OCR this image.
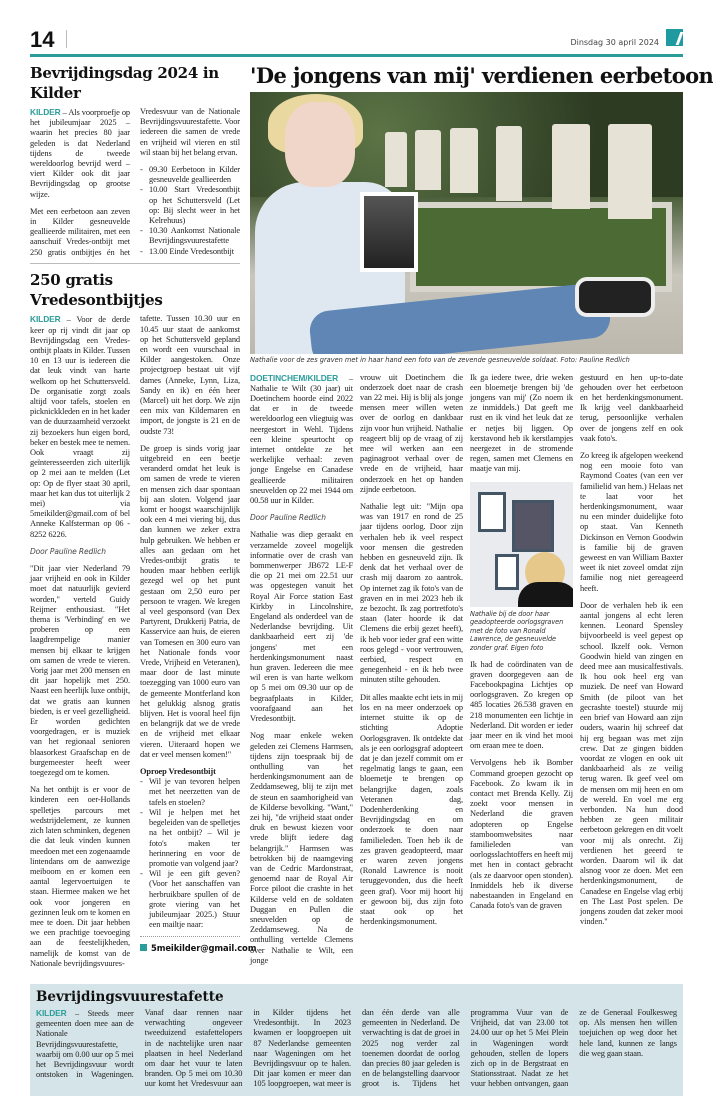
14	Dinsdag 30 april 2024
Bevrijdingsdag 2024 in Kilder

KILDER – Als voorproefje op het jubileumjaar 2025 – waarin het precies 80 jaar geleden is dat Nederland tijdens de tweede wereldoorlog bevrijd werd – viert Kilder ook dit jaar Bevrijdingsdag op grootse wijze.

Met een eerbetoon aan zeven in Kilder gesneuvelde geallieerde militairen, met een aanschuif Vredes-ontbijt met 250 gratis ontbijtjes én het Vredesvuur van de Nationale Bevrijdingsvuurestafette. Voor iedereen die samen de vrede en vrijheid wil vieren en stil wil staan bij het belang ervan.

- 09.30 Eerbetoon in Kilder gesneuvelde geallieerden
- 10.00 Start Vredesontbijt op het Schuttersveld (Let op: Bij slecht weer in het Kelrehuus)
- 10.30 Aankomst Nationale Bevrijdingsvuurestafette
- 13.00 Einde Vredesontbijt
250 gratis Vredesontbijtjes

KILDER – Voor de derde keer op rij vindt dit jaar op Bevrijdingsdag een Vredes-ontbijt plaats in Kilder. Tussen 10 en 13 uur is iedereen die dat leuk vindt van harte welkom op het Schuttersveld. De organisatie zorgt zoals altijd voor tafels, stoelen en picknickkleden en in het kader van de duurzaamheid verzoekt zij bezoekers hun eigen bord, beker en bestek mee te nemen. Ook vraagt zij geïnteresseerden zich uiterlijk op 2 mei aan te melden (Let op: Op de flyer staat 30 april, maar het kan dus tot uiterlijk 2 mei) via 5meikilder@gmail.com of bel Anneke Kalfsterman op 06 - 8252 6226.

Door Pauline Redlich

"Dit jaar vier Nederland 79 jaar vrijheid en ook in Kilder moet dat natuurlijk gevierd worden," verteld Guidy Reijmer enthousiast. "Het thema is 'Verbinding' en we proberen op een laagdrempelige manier mensen bij elkaar te krijgen om samen de vrede te vieren. Vorig jaar met 200 mensen en dit jaar hopelijk met 250. Naast een heerlijk luxe ontbijt, dat we gratis aan kunnen bieden, is er veel gezelligheid. Er worden gedichten voorgedragen, er is muziek van het regionaal senioren blaasorkest Graafschap en de burgemeester heeft weer toegezegd om te komen.

Na het ontbijt is er voor de kinderen een oer-Hollands spelletjes parcours met wedstrijdelement, ze kunnen zich laten schminken, degenen die dat leuk vinden kunnen meedoen met een zogenaamde lintendans om de aanwezige meiboom en er komen een aantal legervoertuigen te staan. Hiermee maken we het ook voor jongeren en gezinnen leuk om te komen en mee te doen. Dit jaar hebben we een prachtige toevoeging aan de feestelijkheden, namelijk de komst van de Nationale bevrijdingsvuures-

tafette. Tussen 10.30 uur en 10.45 uur staat de aankomst op het Schuttersveld gepland en wordt een vuurschaal in Kilder aangestoken. Onze projectgroep bestaat uit vijf dames (Anneke, Lynn, Liza, Sandy en ik) en één heer (Marcel) uit het dorp. We zijn een mix van Kildernaren en import, de jongste is 21 en de oudste 73!

De groep is sinds vorig jaar uitgebreid en een beetje veranderd omdat het leuk is om samen de vrede te vieren en mensen zich daar spontaan bij aan sloten. Volgend jaar komt er hoogst waarschijnlijk ook een 4 mei viering bij, dus dan kunnen we zeker extra hulp gebruiken. We hebben er alles aan gedaan om het Vredes-ontbijt gratis te houden maar hebben eerlijk gezegd wel op het punt gestaan om 2,50 euro per persoon te vragen. We kregen al veel gesponsord (van Dex Partyrent, Drukkerij Patria, de Kasservice aan huis, de eieren van Tomesen en 300 euro van het Nationale fonds voor Vrede, Vrijheid en Veteranen), maar door de last minute toezegging van 1000 euro van de gemeente Montferland kon het gelukkig alsnog gratis blijven. Het is vooral heel fijn en belangrijk dat we de vrede en de vrijheid met elkaar vieren. Uiteraard hopen we dat er veel mensen komen!"

Oproep Vredesontbijt
- Wil je van tevoren helpen met het neerzetten van de tafels en stoelen?
- Wil je helpen met het begeleiden van de spelletjes na het ontbijt? – Wil je foto's maken ter herinnering en voor de promotie van volgend jaar?
- Wil je een gift geven? (Voor het aanschaffen van herbruikbare spullen of de grote viering van het jubileumjaar 2025.) Stuur een mailtje naar:
5meikilder@gmail.com
'De jongens van mij' verdienen eerbetoon
Nathalie voor de zes graven met in haar hand een foto van de zevende gesneuvelde soldaat. Foto: Pauline Redlich

DOETINCHEM/KILDER – Nathalie te Wilt (30 jaar) uit Doetinchem hoorde eind 2022 dat er in de tweede wereldoorlog een vliegtuig was neergestort in Wehl. Tijdens een kleine speurtocht op internet ontdekte ze het werkelijke verhaal: zeven jonge Engelse en Canadese geallieerde militairen sneuvelden op 22 mei 1944 om 00.58 uur in Kilder.

Door Pauline Redlich

Nathalie was diep geraakt en verzamelde zoveel mogelijk informatie over de crash van bommenwerper JB672 LE-F die op 21 mei om 22.51 uur was opgestegen vanuit het Royal Air Force station East Kirkby in Lincolnshire, Engeland als onderdeel van de Nederlandse bevrijding. Uit dankbaarheid eert zij 'de jongens' met een herdenkingsmonument naast hun graven. Iedereen die mee wil eren is van harte welkom op 5 mei om 09.30 uur op de begraafplaats in Kilder, voorafgaand aan het Vredesontbijt.

Nog maar enkele weken geleden zei Clemens Harmsen, tijdens zijn toespraak bij de onthulling van het herdenkingsmonument aan de Zeddamseweg, blij te zijn met de steun en saamhorigheid van de Kilderse bevolking. "Want," zei hij, "de vrijheid staat onder druk en bewust kiezen voor vrede blijft iedere dag belangrijk." Harmsen was betrokken bij de naamgeving van de Cedric Mardonstraat, genoemd naar de Royal Air Force piloot die crashte in het Kilderse veld en de soldaten Duggan en Pullen die sneuvelden op de Zeddamseweg. Na de onthulling vertelde Clemens over Nathalie te Wilt, een jonge

vrouw uit Doetinchem die onderzoek doet naar de crash van 22 mei. Hij is blij als jonge mensen meer willen weten over de oorlog en dankbaar zijn voor hun vrijheid. Nathalie reageert blij op de vraag of zij mee wil werken aan een paginagroot verhaal over de vrede en de vrijheid, haar onderzoek en het op handen zijnde eerbetoon.

Nathalie legt uit: "Mijn opa was van 1917 en rond de 25 jaar tijdens oorlog. Door zijn verhalen heb ik veel respect voor mensen die gestreden hebben en gesneuveld zijn. Ik denk dat het verhaal over de crash mij daarom zo aantrok. Op internet zag ik foto's van de graven en in mei 2023 heb ik ze bezocht. Ik zag portretfoto's staan (later hoorde ik dat Clemens die erbij gezet heeft), ik heb voor ieder graf een witte roos gelegd - voor vertrouwen, eerbied, respect en genegenheid - en ik heb twee minuten stilte gehouden.

Dit alles maakte echt iets in mij los en na meer onderzoek op internet stuitte ik op de stichting Adoptie Oorlogsgraven. Ik ontdekte dat als je een oorlogsgraf adopteert dat je dan jezelf commit om er regelmatig langs te gaan, een bloemetje te brengen op belangrijke dagen, zoals Veteranen dag, Dodenherdenking en Bevrijdingsdag en om onderzoek te doen naar familieleden. Toen heb ik de zes graven geadopteerd, maar er waren zeven jongens (Ronald Lawrence is nooit teruggevonden, dus die heeft geen graf). Voor mij hoort hij er gewoon bij, dus zijn foto staat ook op het herdenkingsmonument.

Ik ga iedere twee, drie weken een bloemetje brengen bij 'de jongens van mij' (Zo noem ik ze inmiddels.) Dat geeft me rust en ik vind het leuk dat ze er netjes bij liggen. Op kerstavond heb ik kerstlampjes neergezet in de stromende regen, samen met Clemens en maatje van mij.

Nathalie bij de door haar geadopteerde oorlogsgraven met de foto van Ronald Lawrence, de gesneuvelde zonder graf. Eigen foto

Ik had de coördinaten van de graven doorgegeven aan de Facebookpagina Lichtjes op oorlogsgraven. Zo kregen op 485 locaties 26.538 graven en 218 monumenten een lichtje in Nederland. Dit worden er ieder jaar meer en ik vind het mooi om eraan mee te doen.

Vervolgens heb ik Bomber Command groepen gezocht op Facebook. Zo kwam ik in contact met Brenda Kelly. Zij zoekt voor mensen in Nederland die graven adopteren op Engelse stamboomwebsites naar familieleden van oorlogsslachtoffers en heeft mij met hen in contact gebracht (als ze daarvoor open stonden). Inmiddels heb ik diverse nabestaanden in Engeland en Canada foto's van de graven

gestuurd en hen up-to-date gehouden over het eerbetoon en het herdenkingsmonument. Ik krijg veel dankbaarheid terug, persoonlijke verhalen over de jongens zelf en ook vaak foto's.

Zo kreeg ik afgelopen weekend nog een mooie foto van Raymond Coates (van een ver familielid van hem.) Helaas net te laat voor het herdenkingsmonument, waar nu een minder duidelijke foto op staat. Van Kenneth Dickinson en Vernon Goodwin is familie bij de graven geweest en van William Baxter weet ik niet zoveel omdat zijn familie nog niet gereageerd heeft.

Door de verhalen heb ik een aantal jongens al echt leren kennen. Leonard Spensley bijvoorbeeld is veel gepest op school. Ikzelf ook. Vernon Goodwin hield van zingen en deed mee aan musicalfestivals. Ik hou ook heel erg van muziek. De neef van Howard Smith (de piloot van het gecrashte toestel) stuurde mij een brief van Howard aan zijn ouders, waarin hij schreef dat hij erg begaan was met zijn crew. Dat ze gingen bidden voordat ze vlogen en ook uit dankbaarheid als ze veilig terug waren. Ik geef veel om de mensen om mij heen en om de wereld. En voel me erg verbonden. Na hun dood hebben ze geen militair eerbetoon gekregen en dit voelt voor mij als onrecht. Zij verdienen het geeerd te worden. Daarom wil ik dat alsnog voor ze doen. Met een herdenkingsmonument, de Canadese en Engelse vlag erbij en The Last Post spelen. De jongens zouden dat zeker mooi vinden."

Bevrijdingsvuurestafette
KILDER – Steeds meer gemeenten doen mee aan de Nationale Bevrijdingsvuurestafette, waarbij om 0.00 uur op 5 mei het Bevrijdingsvuur wordt ontstoken in Wageningen. Vanaf daar rennen naar verwachting ongeveer tweeduizend estafettelopers in de nachtelijke uren naar plaatsen in heel Nederland om daar het vuur te laten branden. Op 5 mei om 10.30 uur komt het Vredesvuur aan in Kilder tijdens het Vredesontbijt. In 2023 kwamen er loopgroepen uit 87 Nederlandse gemeenten naar Wageningen om het Bevrijdingsvuur op te halen. Dit jaar komen er meer dan 105 loopgroepen, wat meer is dan één derde van alle gemeenten in Nederland. De verwachting is dat de groei in 2025 nog verder zal toenemen doordat de oorlog dan precies 80 jaar geleden is en de belangstelling daarvoor groot is. Tijdens het programma Vuur van de Vrijheid, dat van 23.00 tot 24.00 uur op het 5 Mei Plein in Wageningen wordt gehouden, stellen de lopers zich op in de Bergstraat en Stationsstraat. Nadat ze het vuur hebben ontvangen, gaan ze de Generaal Foulkesweg op. Als mensen hen willen toejuichen op weg door het hele land, kunnen ze langs die weg gaan staan.
